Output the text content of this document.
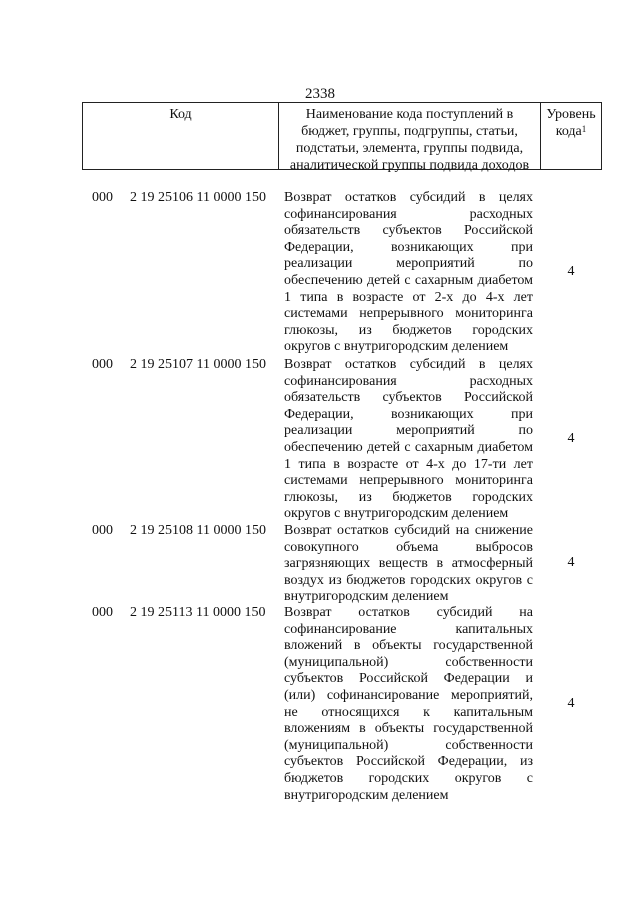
2338
Код	Наименование кода поступлений в
бюджет, группы, подгруппы, статьи,
подстатьи, элемента, группы подвида,
аналитической группы подвида доходов
Уровень
кода$^1$
000 2 19 25106 11 0000 150 Возврат остатков субсидий в целях
софинансирования расходных
обязательств субъектов Российской
Федерации, возникающих при
реализации мероприятий по
обеспечению детей с сахарным диабетом
1 типа в возрасте от 2-х до 4-х лет
системами непрерывного мониторинга
глюкозы, из бюджетов городских
округов с внутригородским делением
4
000 2 19 25107 11 0000 150 Возврат остатков субсидий в целях
софинансирования расходных
обязательств субъектов Российской
Федерации, возникающих при
реализации мероприятий по
обеспечению детей с сахарным диабетом
1 типа в возрасте от 4-х до 17-ти лет
системами непрерывного мониторинга
глюкозы, из бюджетов городских
округов с внутригородским делением
4
000 2 19 25108 11 0000 150 Возврат остатков субсидий на снижение
совокупного объема выбросов
загрязняющих веществ в атмосферный
воздух из бюджетов городских округов с
внутригородским делением
4
000 2 19 25113 11 0000 150 Возврат остатков субсидий на
софинансирование капитальных
вложений в объекты государственной
(муниципальной) собственности
субъектов Российской Федерации и
(или) софинансирование мероприятий,
не относящихся к капитальным
вложениям в объекты государственной
(муниципальной) собственности
субъектов Российской Федерации, из
бюджетов городских округов с
внутригородским делением
4
